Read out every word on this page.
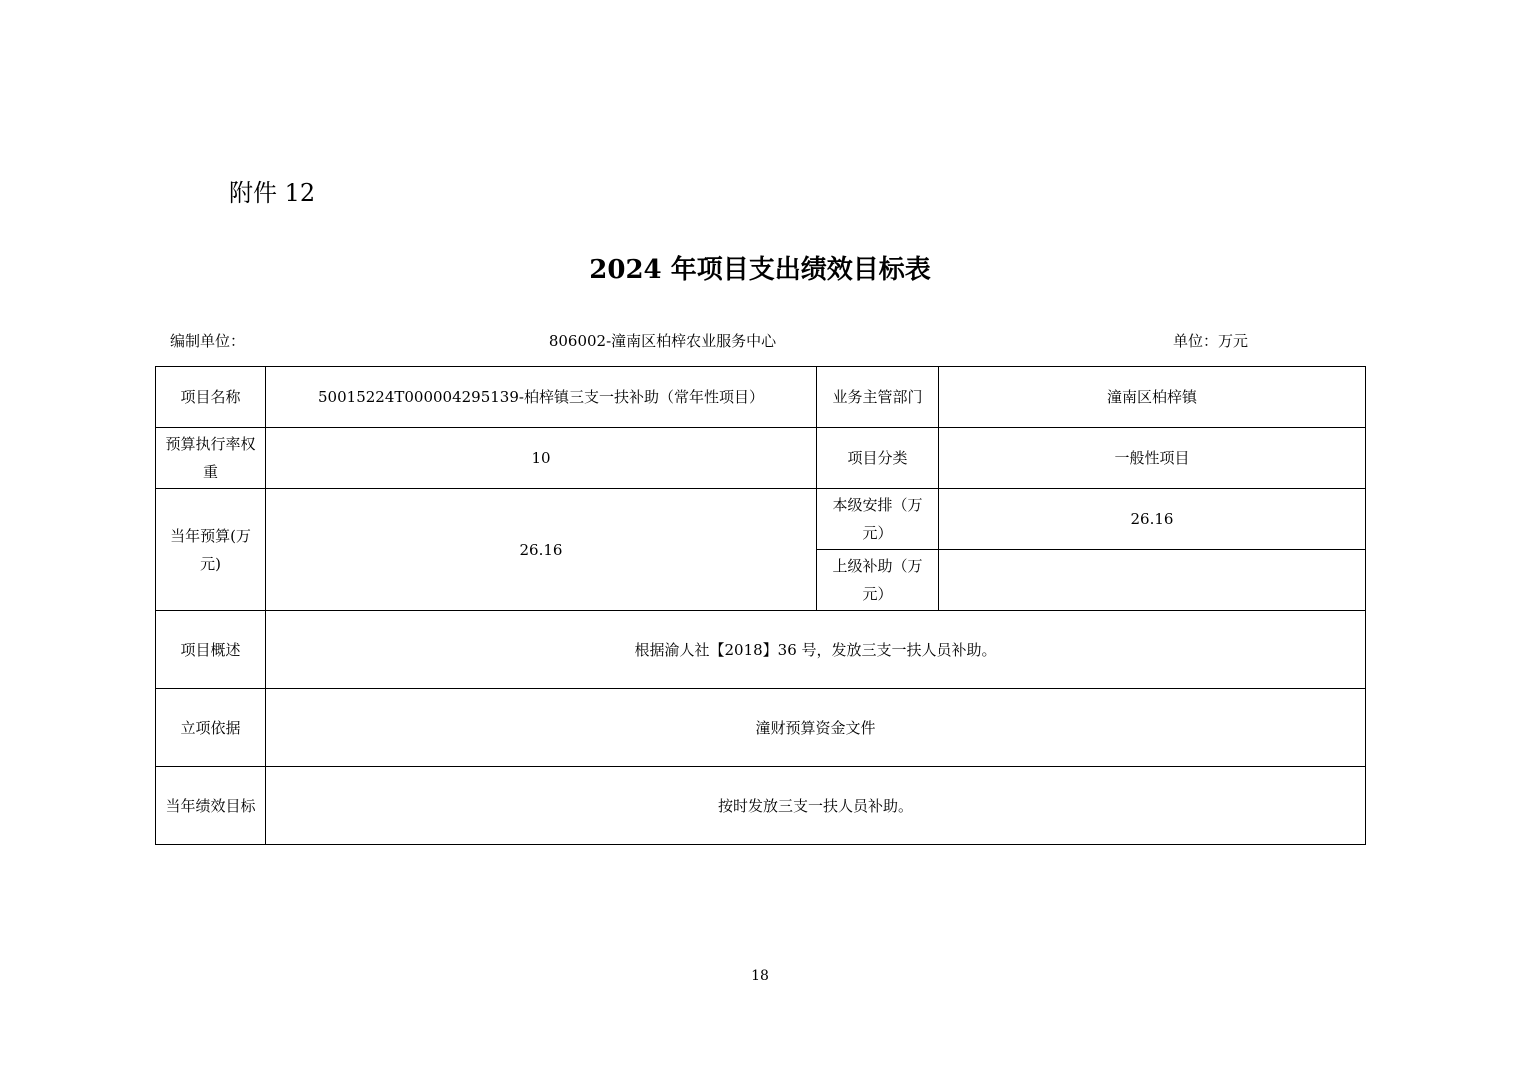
附件 12
2024 年项目支出绩效目标表
编制单位：	806002-潼南区柏梓农业服务中心	单位：万元
项目名称	50015224T000004295139-柏梓镇三支一扶补助（常年性项目）	业务主管部门	潼南区柏梓镇
预算执行率权重	10	项目分类	一般性项目
当年预算(万元)	26.16	本级安排（万元）	26.16
		上级补助（万元）	
项目概述	根据渝人社【2018】36 号，发放三支一扶人员补助。		
立项依据	潼财预算资金文件		
当年绩效目标	按时发放三支一扶人员补助。		
18
